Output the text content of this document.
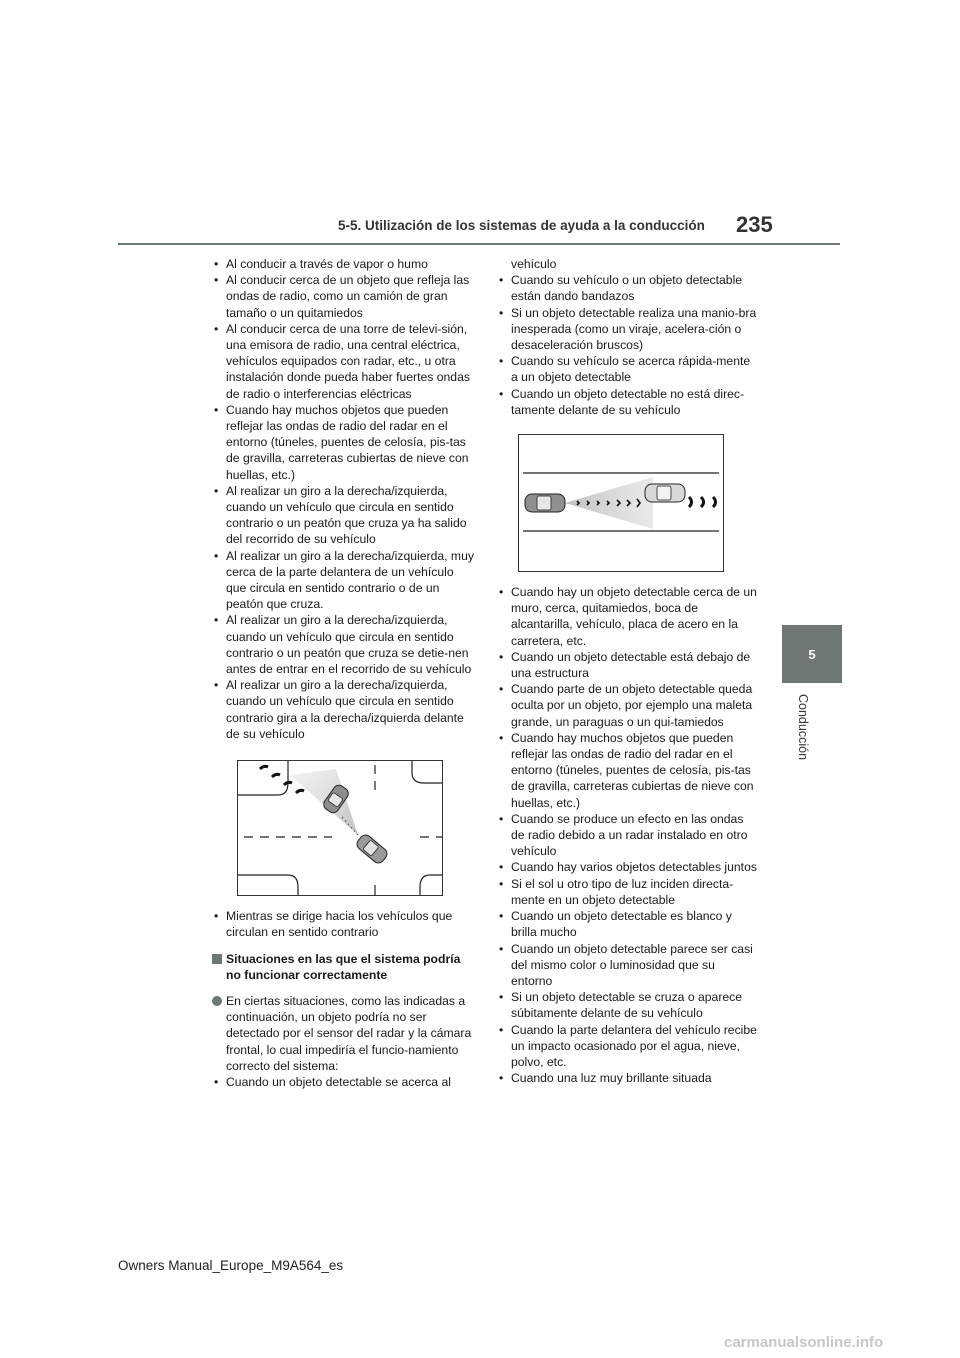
5-5. Utilización de los sistemas de ayuda a la conducción 235
5
Conducción
• Al conducir a través de vapor o humo
• Al conducir cerca de un objeto que refleja las ondas de radio, como un camión de gran tamaño o un quitamiedos
• Al conducir cerca de una torre de televi-sión, una emisora de radio, una central eléctrica, vehículos equipados con radar, etc., u otra instalación donde pueda haber fuertes ondas de radio o interferencias eléctricas
• Cuando hay muchos objetos que pueden reflejar las ondas de radio del radar en el entorno (túneles, puentes de celosía, pis-tas de gravilla, carreteras cubiertas de nieve con huellas, etc.)
• Al realizar un giro a la derecha/izquierda, cuando un vehículo que circula en sentido contrario o un peatón que cruza ya ha salido del recorrido de su vehículo
• Al realizar un giro a la derecha/izquierda, muy cerca de la parte delantera de un vehículo que circula en sentido contrario o de un peatón que cruza.
• Al realizar un giro a la derecha/izquierda, cuando un vehículo que circula en sentido contrario o un peatón que cruza se detie-nen antes de entrar en el recorrido de su vehículo
• Al realizar un giro a la derecha/izquierda, cuando un vehículo que circula en sentido contrario gira a la derecha/izquierda delante de su vehículo
• Mientras se dirige hacia los vehículos que circulan en sentido contrario
Situaciones en las que el sistema podría no funcionar correctamente
En ciertas situaciones, como las indicadas a continuación, un objeto podría no ser detectado por el sensor del radar y la cámara frontal, lo cual impediría el funcio-namiento correcto del sistema:
• Cuando un objeto detectable se acerca al
vehículo
• Cuando su vehículo o un objeto detectable están dando bandazos
• Si un objeto detectable realiza una manio-bra inesperada (como un viraje, acelera-ción o desaceleración bruscos)
• Cuando su vehículo se acerca rápida-mente a un objeto detectable
• Cuando un objeto detectable no está direc-tamente delante de su vehículo
• Cuando hay un objeto detectable cerca de un muro, cerca, quitamiedos, boca de alcantarilla, vehículo, placa de acero en la carretera, etc.
• Cuando un objeto detectable está debajo de una estructura
• Cuando parte de un objeto detectable queda oculta por un objeto, por ejemplo una maleta grande, un paraguas o un qui-tamiedos
• Cuando hay muchos objetos que pueden reflejar las ondas de radio del radar en el entorno (túneles, puentes de celosía, pis-tas de gravilla, carreteras cubiertas de nieve con huellas, etc.)
• Cuando se produce un efecto en las ondas de radio debido a un radar instalado en otro vehículo
• Cuando hay varios objetos detectables juntos
• Si el sol u otro tipo de luz inciden directa-mente en un objeto detectable
• Cuando un objeto detectable es blanco y brilla mucho
• Cuando un objeto detectable parece ser casi del mismo color o luminosidad que su entorno
• Si un objeto detectable se cruza o aparece súbitamente delante de su vehículo
• Cuando la parte delantera del vehículo recibe un impacto ocasionado por el agua, nieve, polvo, etc.
• Cuando una luz muy brillante situada
Owners Manual_Europe_M9A564_es
carmanualsonline.info
